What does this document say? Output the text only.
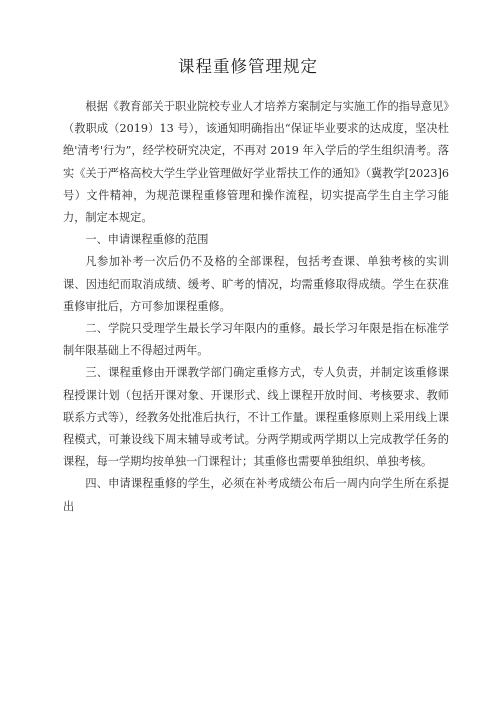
课程重修管理规定

根据《教育部关于职业院校专业人才培养方案制定与实施工作的指导意见》（教职成（2019）13 号），该通知明确指出“保证毕业要求的达成度，坚决杜绝'清考'行为”，经学校研究决定，不再对 2019 年入学后的学生组织清考。落实《关于严格高校大学生学业管理做好学业帮扶工作的通知》（冀教学[2023]6 号）文件精神，为规范课程重修管理和操作流程，切实提高学生自主学习能力，制定本规定。

一、申请课程重修的范围

凡参加补考一次后仍不及格的全部课程，包括考查课、单独考核的实训课、因违纪而取消成绩、缓考、旷考的情况，均需重修取得成绩。学生在获准重修审批后，方可参加课程重修。

二、学院只受理学生最长学习年限内的重修。最长学习年限是指在标准学制年限基础上不得超过两年。

三、课程重修由开课教学部门确定重修方式，专人负责，并制定该重修课程授课计划（包括开课对象、开课形式、线上课程开放时间、考核要求、教师联系方式等），经教务处批准后执行，不计工作量。课程重修原则上采用线上课程模式，可兼设线下周末辅导或考试。分两学期或两学期以上完成教学任务的课程，每一学期均按单独一门课程计；其重修也需要单独组织、单独考核。

四、申请课程重修的学生，必须在补考成绩公布后一周内向学生所在系提出
